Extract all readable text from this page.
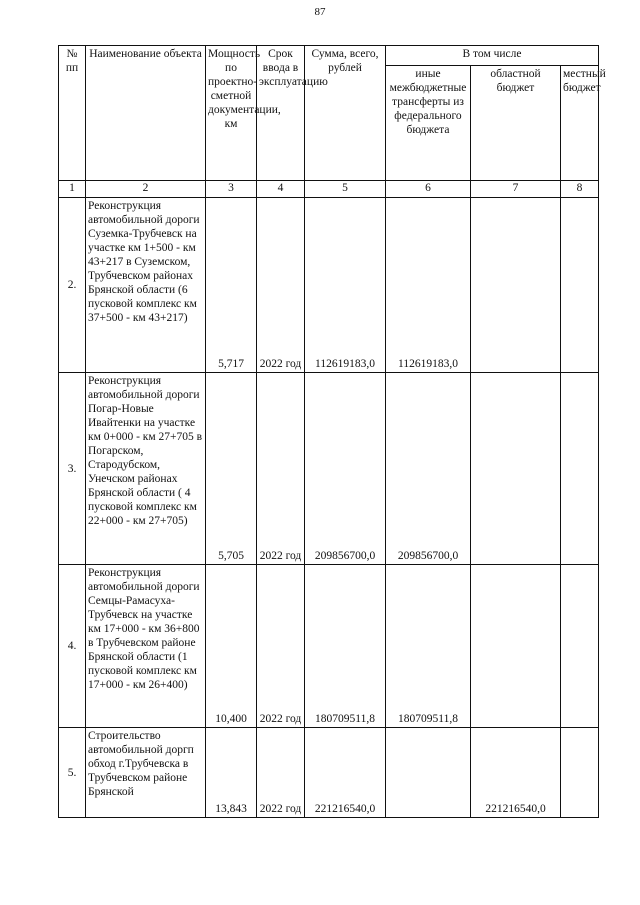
87
№ пп	Наименование объекта	Мощность по проектно-сметной документации, км	Срок ввода в эксплуатацию	Сумма, всего, рублей	В том числе		
					иные межбюджетные трансферты из федерального бюджета	областной бюджет	местный бюджет
1	2	3	4	5	6	7	8
2.	Реконструкция автомобильной дороги Суземка-Трубчевск на участке км 1+500 - км 43+217 в Суземском, Трубчевском районах Брянской области (6 пусковой комплекс км 37+500 - км 43+217)	5,717	2022 год	112619183,0	112619183,0		
3.	Реконструкция автомобильной дороги Погар-Новые Ивайтенки на участке км 0+000 - км 27+705 в Погарском, Стародубском, Унечском районах Брянской области ( 4 пусковой комплекс км 22+000 - км 27+705)	5,705	2022 год	209856700,0	209856700,0		
4.	Реконструкция автомобильной дороги Семцы-Рамасуха-Трубчевск на участке км 17+000 - км 36+800 в Трубчевском районе Брянской области (1 пусковой комплекс км 17+000 - км 26+400)	10,400	2022 год	180709511,8	180709511,8		
5.	Строительство автомобильной доргп обход г.Трубчевска в Трубчевском районе Брянской	13,843	2022 год	221216540,0		221216540,0	
